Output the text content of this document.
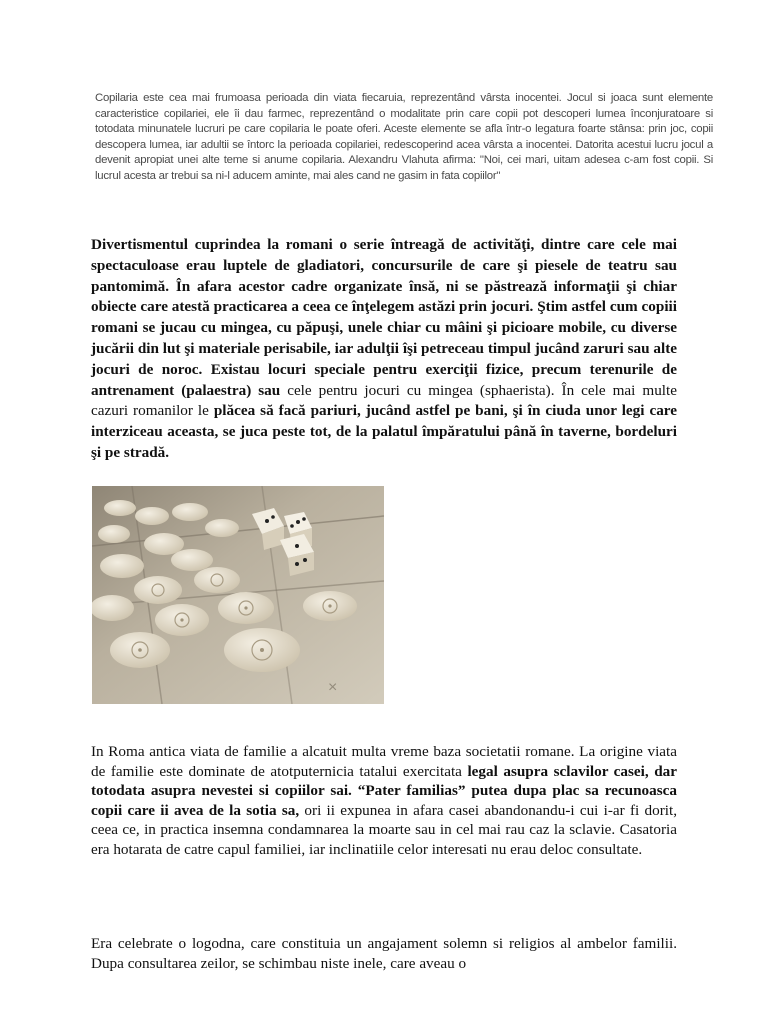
Copilaria este cea mai frumoasa perioada din viata fiecaruia, reprezentând vârsta inocentei. Jocul si joaca sunt elemente caracteristice copilariei, ele îi dau farmec, reprezentând o modalitate prin care copii pot descoperi lumea înconjuratoare si totodata minunatele lucruri pe care copilaria le poate oferi. Aceste elemente se afla într-o legatura foarte stânsa: prin joc, copii descopera lumea, iar adultii se întorc la perioada copilariei, redescoperind acea vârsta a inocentei. Datorita acestui lucru jocul a devenit apropiat unei alte teme si anume copilaria. Alexandru Vlahuta afirma: "Noi, cei mari, uitam adesea c-am fost copii. Si lucrul acesta ar trebui sa ni-l aducem aminte, mai ales cand ne gasim in fata copiilor"
Divertismentul cuprindea la romani o serie întreagă de activităţi, dintre care cele mai spectaculoase erau luptele de gladiatori, concursurile de care şi piesele de teatru sau pantomimă. În afara acestor cadre organizate însă, ni se păstrează informaţii şi chiar obiecte care atestă practicarea a ceea ce înţelegem astăzi prin jocuri. Ştim astfel cum copiii romani se jucau cu mingea, cu păpuşi, unele chiar cu mâini şi picioare mobile, cu diverse jucării din lut şi materiale perisabile, iar adulţii îşi petreceau timpul jucând zaruri sau alte jocuri de noroc. Existau locuri speciale pentru exerciţii fizice, precum terenurile de antrenament (palaestra) sau cele pentru jocuri cu mingea (sphaerista). În cele mai multe cazuri romanilor le plăcea să facă pariuri, jucând astfel pe bani, şi în ciuda unor legi care interziceau aceasta, se juca peste tot, de la palatul împăratului până în taverne, bordeluri şi pe stradă.
×
In Roma antica viata de familie a alcatuit multa vreme baza societatii romane. La origine viata de familie este dominate de atotputernicia tatalui exercitata legal asupra sclavilor casei, dar totodata asupra nevestei si copiilor sai. “Pater familias” putea dupa plac sa recunoasca copii care ii avea de la sotia sa, ori ii expunea in afara casei abandonandu-i cui i-ar fi dorit, ceea ce, in practica insemna condamnarea la moarte sau in cel mai rau caz la sclavie. Casatoria era hotarata de catre capul familiei, iar inclinatiile celor interesati nu erau deloc consultate.
Era celebrate o logodna, care constituia un angajament solemn si religios al ambelor familii. Dupa consultarea zeilor, se schimbau niste inele, care aveau o
